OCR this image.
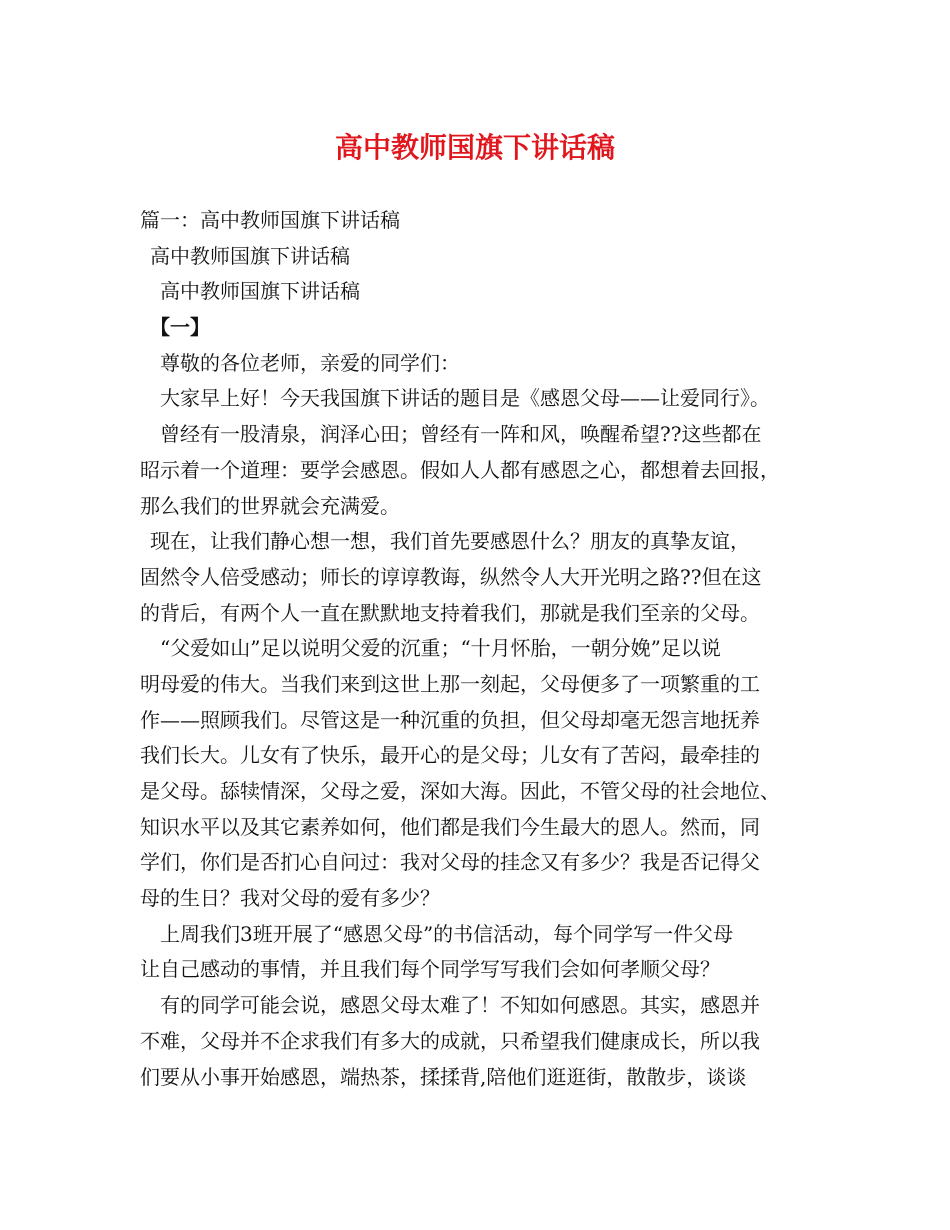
高中教师国旗下讲话稿
篇一：高中教师国旗下讲话稿
高中教师国旗下讲话稿
高中教师国旗下讲话稿
【一】
尊敬的各位老师，亲爱的同学们：
大家早上好！今天我国旗下讲话的题目是《感恩父母——让爱同行》。
曾经有一股清泉，润泽心田；曾经有一阵和风，唤醒希望??这些都在
昭示着一个道理：要学会感恩。假如人人都有感恩之心，都想着去回报，
那么我们的世界就会充满爱。
现在，让我们静心想一想，我们首先要感恩什么？朋友的真挚友谊，
固然令人倍受感动；师长的谆谆教诲，纵然令人大开光明之路??但在这
的背后，有两个人一直在默默地支持着我们，那就是我们至亲的父母。
“父爱如山”足以说明父爱的沉重；“十月怀胎，一朝分娩”足以说
明母爱的伟大。当我们来到这世上那一刻起，父母便多了一项繁重的工
作——照顾我们。尽管这是一种沉重的负担，但父母却毫无怨言地抚养
我们长大。儿女有了快乐，最开心的是父母；儿女有了苦闷，最牵挂的
是父母。舔犊情深，父母之爱，深如大海。因此，不管父母的社会地位、
知识水平以及其它素养如何，他们都是我们今生最大的恩人。然而，同
学们，你们是否扪心自问过：我对父母的挂念又有多少？我是否记得父
母的生日？我对父母的爱有多少？
上周我们3班开展了“感恩父母”的书信活动，每个同学写一件父母
让自己感动的事情，并且我们每个同学写写我们会如何孝顺父母？
有的同学可能会说，感恩父母太难了！不知如何感恩。其实，感恩并
不难，父母并不企求我们有多大的成就，只希望我们健康成长，所以我
们要从小事开始感恩，端热茶，揉揉背,陪他们逛逛街，散散步，谈谈
